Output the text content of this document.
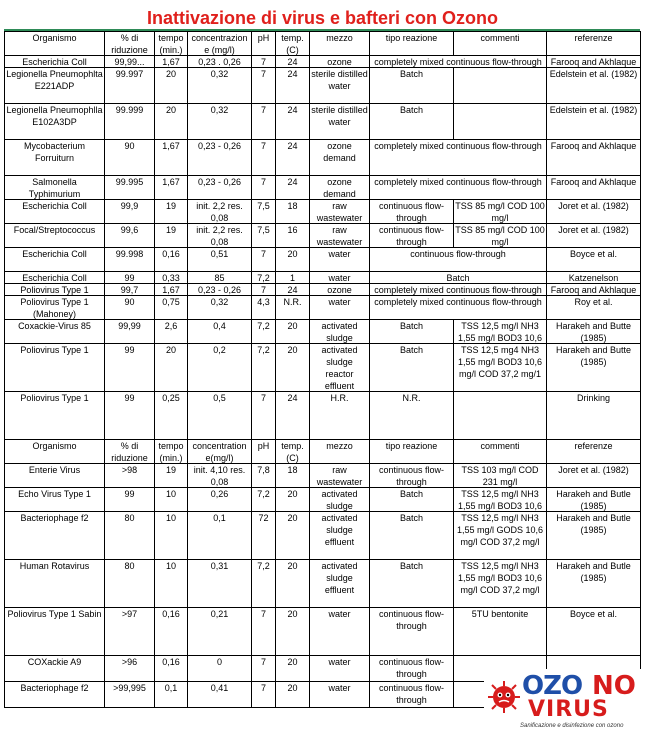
Inattivazione di virus e bafteri con Ozono
Organismo	% di riduzione	tempo (min.)	concentrazione (mg/l)	pH	temp. (C)	mezzo	tipo reazione	commenti	referenze

Escherichia Coll	99,99...	1,67	0,23 . 0,26	7	24	ozone	completely mixed continuous flow-through		Farooq and Akhlaque

Legionella Pneumophlta E221ADP	99.997	20	0,32	7	24	sterile distilled water	Batch		Edelstein et al. (1982)

Legionella Pneumophlla E102A3DP	99.999	20	0,32	7	24	sterile distilled water	Batch		Edelstein et al. (1982)

Mycobacterium Forruiturn	90	1,67	0,23 - 0,26	7	24	ozone demand	completely mixed continuous flow-through		Farooq and Akhlaque

Salmonella Typhimurium	99.995	1,67	0,23 - 0,26	7	24	ozone demand	completely mixed continuous flow-through		Farooq and Akhlaque

Escherichia Coll	99,9	19	init. 2,2 res. 0,08	7,5	18	raw wastewater	continuous flow-through	TSS 85 mg/l COD 100 mg/l	Joret et al. (1982)

Focal/Streptococcus	99,6	19	init. 2,2 res. 0,08	7,5	16	raw wastewater	continuous flow-through	TSS 85 mg/l COD 100 mg/l	Joret et al. (1982)

Escherichia Coll	99.998	0,16	0,51	7	20	water	continuous flow-through		Boyce et al.

Escherichia Coll	99	0,33	85	7,2	1	water	Batch		Katzenelson

Poliovirus Type 1	99,7	1,67	0,23 - 0,26	7	24	ozone	completely mixed continuous flow-through		Farooq and Akhlaque

Poliovirus Type 1 (Mahoney)	90	0,75	0,32	4,3	N.R.	water	completely mixed continuous flow-through		Roy et al.

Coxackie-Virus 85	99,99	2,6	0,4	7,2	20	activated sludge	Batch	TSS 12,5 mg/l NH3 1,55 mg/l BOD3 10,6	Harakeh and Butte (1985)

Poliovirus Type 1	99	20	0,2	7,2	20	activated sludge reactor effluent	Batch	TSS 12,5 mg4 NH3 1,55 mg/l BOD3 10,6 mg/l COD 37,2 mg/1	Harakeh and Butte (1985)

Poliovirus Type 1	99	0,25	0,5	7	24	H.R.	N.R.		Drinking

Organismo	% di riduzione	tempo (min.)	concentration e(mg/l)	pH	temp. (C)	mezzo	tipo reazione	commenti	referenze

Enterie Virus	>98	19	init. 4,10 res. 0,08	7,8	18	raw wastewater	continuous flow-through	TSS 103 mg/l COD 231 mg/l	Joret et al. (1982)

Echo Virus Type 1	99	10	0,26	7,2	20	activated sludge	Batch	TSS 12,5 mg/l NH3 1,55 mg/l BOD3 10,6	Harakeh and Butle (1985)

Bacteriophage f2	80	10	0,1	72	20	activated sludge effluent	Batch	TSS 12,5 mg/l NH3 1,55 mg/l GODS 10,6 mg/l COD 37,2 mg/l	Harakeh and Butle (1985)

Human Rotavirus	80	10	0,31	7,2	20	activated sludge effluent	Batch	TSS 12,5 mg/l NH3 1,55 mg/l BOD3 10,6 mg/l COD 37,2 mg/l	Harakeh and Butle (1985)

Poliovirus Type 1 Sabin	>97	0,16	0,21	7	20	water	continuous flow-through	5TU bentonite	Boyce et al.

COXackie A9	>96	0,16	0	7	20	water	continuous flow-through		

Bacteriophage f2	>99,995	0,1	0,41	7	20	water	continuous flow-through		

		OZO NO
VIRUS
Sanificazione e disinfezione con ozono
